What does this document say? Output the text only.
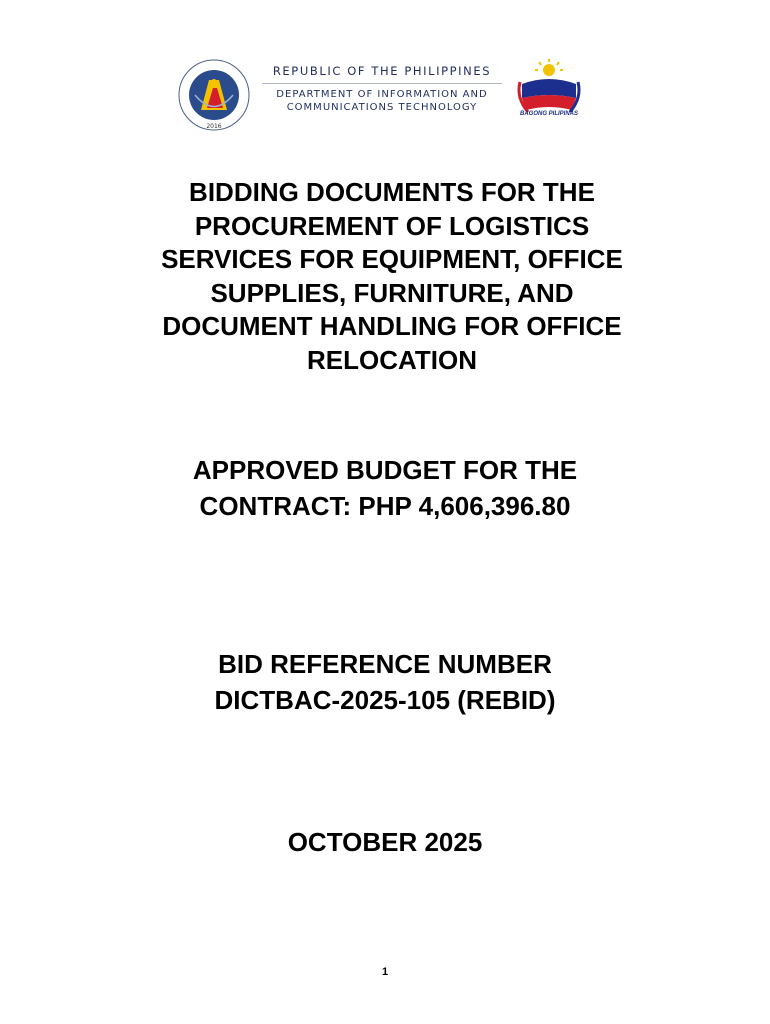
2016
REPUBLIC OF THE PHILIPPINES
DEPARTMENT OF INFORMATION AND
COMMUNICATIONS TECHNOLOGY
BAGONG PILIPINAS
BIDDING DOCUMENTS FOR THE
PROCUREMENT OF LOGISTICS
SERVICES FOR EQUIPMENT, OFFICE
SUPPLIES, FURNITURE, AND
DOCUMENT HANDLING FOR OFFICE
RELOCATION
APPROVED BUDGET FOR THE
CONTRACT: PHP 4,606,396.80
BID REFERENCE NUMBER
DICTBAC-2025-105 (REBID)
OCTOBER 2025
1
